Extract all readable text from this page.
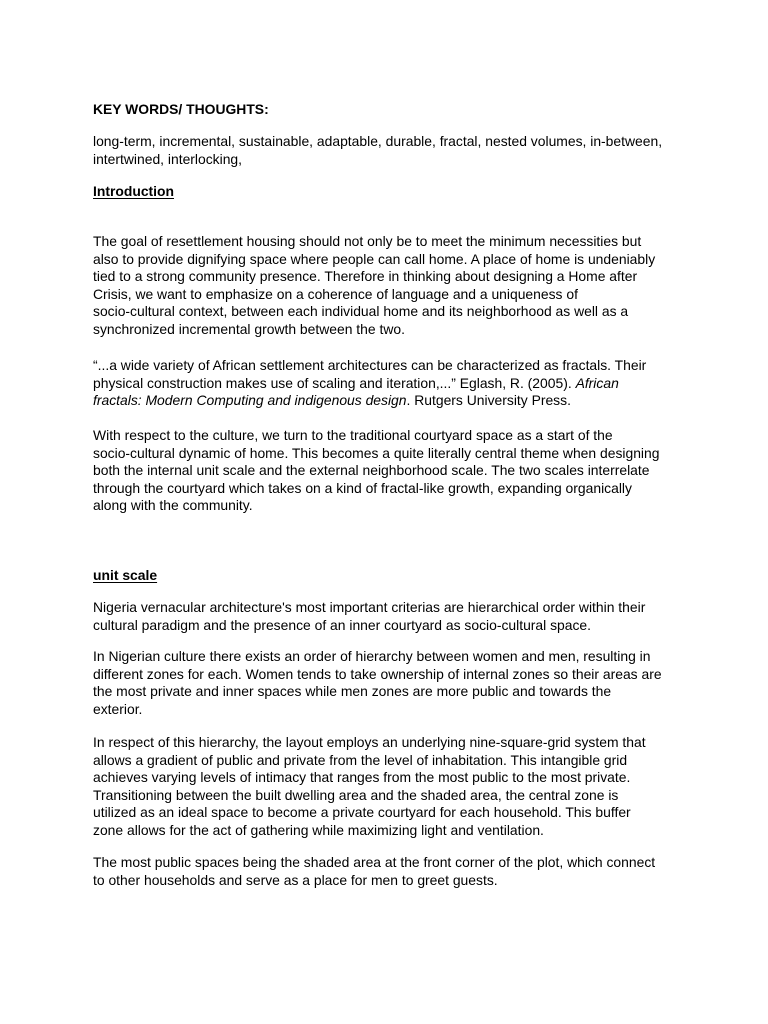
KEY WORDS/ THOUGHTS:
long-term, incremental, sustainable, adaptable, durable, fractal, nested volumes, in-between,
intertwined, interlocking,
Introduction
The goal of resettlement housing should not only be to meet the minimum necessities but
also to provide dignifying space where people can call home. A place of home is undeniably
tied to a strong community presence. Therefore in thinking about designing a Home after
Crisis, we want to emphasize on a coherence of language and a uniqueness of
socio-cultural context, between each individual home and its neighborhood as well as a
synchronized incremental growth between the two.
“...a wide variety of African settlement architectures can be characterized as fractals. Their
physical construction makes use of scaling and iteration,...” Eglash, R. (2005). African
fractals: Modern Computing and indigenous design. Rutgers University Press.
With respect to the culture, we turn to the traditional courtyard space as a start of the
socio-cultural dynamic of home. This becomes a quite literally central theme when designing
both the internal unit scale and the external neighborhood scale. The two scales interrelate
through the courtyard which takes on a kind of fractal-like growth, expanding organically
along with the community.
unit scale
Nigeria vernacular architecture's most important criterias are hierarchical order within their
cultural paradigm and the presence of an inner courtyard as socio-cultural space.
In Nigerian culture there exists an order of hierarchy between women and men, resulting in
different zones for each. Women tends to take ownership of internal zones so their areas are
the most private and inner spaces while men zones are more public and towards the
exterior.
In respect of this hierarchy, the layout employs an underlying nine-square-grid system that
allows a gradient of public and private from the level of inhabitation. This intangible grid
achieves varying levels of intimacy that ranges from the most public to the most private.
Transitioning between the built dwelling area and the shaded area, the central zone is
utilized as an ideal space to become a private courtyard for each household. This buffer
zone allows for the act of gathering while maximizing light and ventilation.
The most public spaces being the shaded area at the front corner of the plot, which connect
to other households and serve as a place for men to greet guests.
